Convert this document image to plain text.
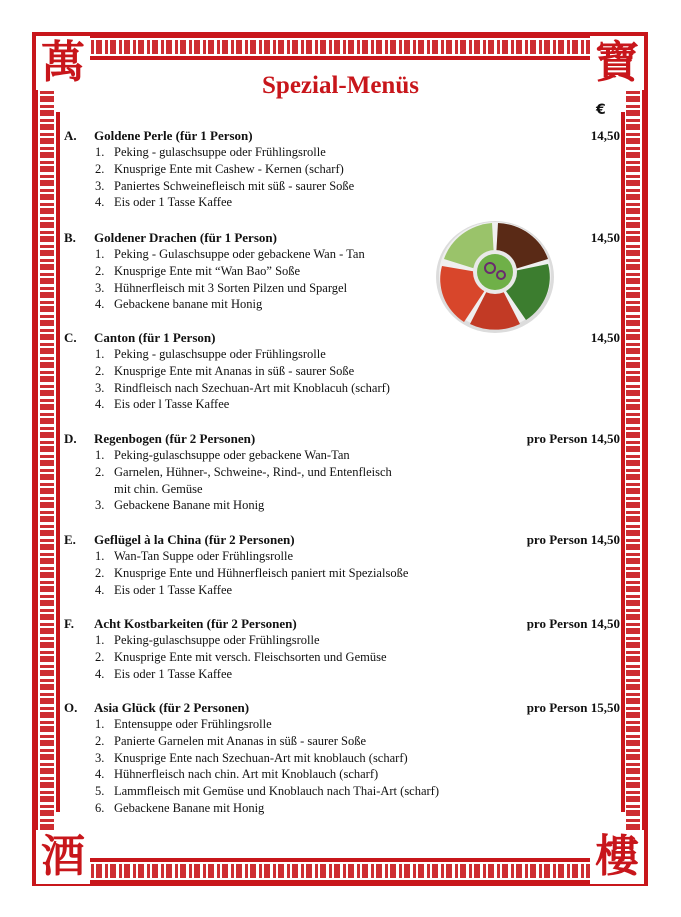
萬	寶
酒	樓
Spezial-Menüs
€
A. Goldene Perle (für 1 Person)	14,50
1. Peking - gulaschsuppe oder Frühlingsrolle
2. Knusprige Ente mit Cashew - Kernen (scharf)
3. Paniertes Schweinefleisch mit süß - saurer Soße
4. Eis oder 1 Tasse Kaffee
B. Goldener Drachen (für 1 Person)	14,50
1. Peking - Gulaschsuppe oder gebackene Wan - Tan
2. Knusprige Ente mit “Wan Bao” Soße
3. Hühnerfleisch mit 3 Sorten Pilzen und Spargel
4. Gebackene banane mit Honig
C. Canton (für 1 Person)	14,50
1. Peking - gulaschsuppe oder Frühlingsrolle
2. Knusprige Ente mit Ananas in süß - saurer Soße
3. Rindfleisch nach Szechuan-Art mit Knoblacuh (scharf)
4. Eis oder l Tasse Kaffee
D. Regenbogen (für 2 Personen)	pro Person 14,50
1. Peking-gulaschsuppe oder gebackene Wan-Tan
2. Garnelen, Hühner-, Schweine-, Rind-, und Entenfleisch
mit chin. Gemüse
3. Gebackene Banane mit Honig
E. Geflügel à la China (für 2 Personen)	pro Person 14,50
1. Wan-Tan Suppe oder Frühlingsrolle
2. Knusprige Ente und Hühnerfleisch paniert mit Spezialsoße
4. Eis oder 1 Tasse Kaffee
F. Acht Kostbarkeiten (für 2 Personen)	pro Person 14,50
1. Peking-gulaschsuppe oder Frühlingsrolle
2. Knusprige Ente mit versch. Fleischsorten und Gemüse
4. Eis oder 1 Tasse Kaffee
O. Asia Glück (für 2 Personen)	pro Person 15,50
1. Entensuppe oder Frühlingsrolle
2. Panierte Garnelen mit Ananas in süß - saurer Soße
3. Knusprige Ente nach Szechuan-Art mit knoblauch (scharf)
4. Hühnerfleisch nach chin. Art mit Knoblauch (scharf)
5. Lammfleisch mit Gemüse und Knoblauch nach Thai-Art (scharf)
6. Gebackene Banane mit Honig
